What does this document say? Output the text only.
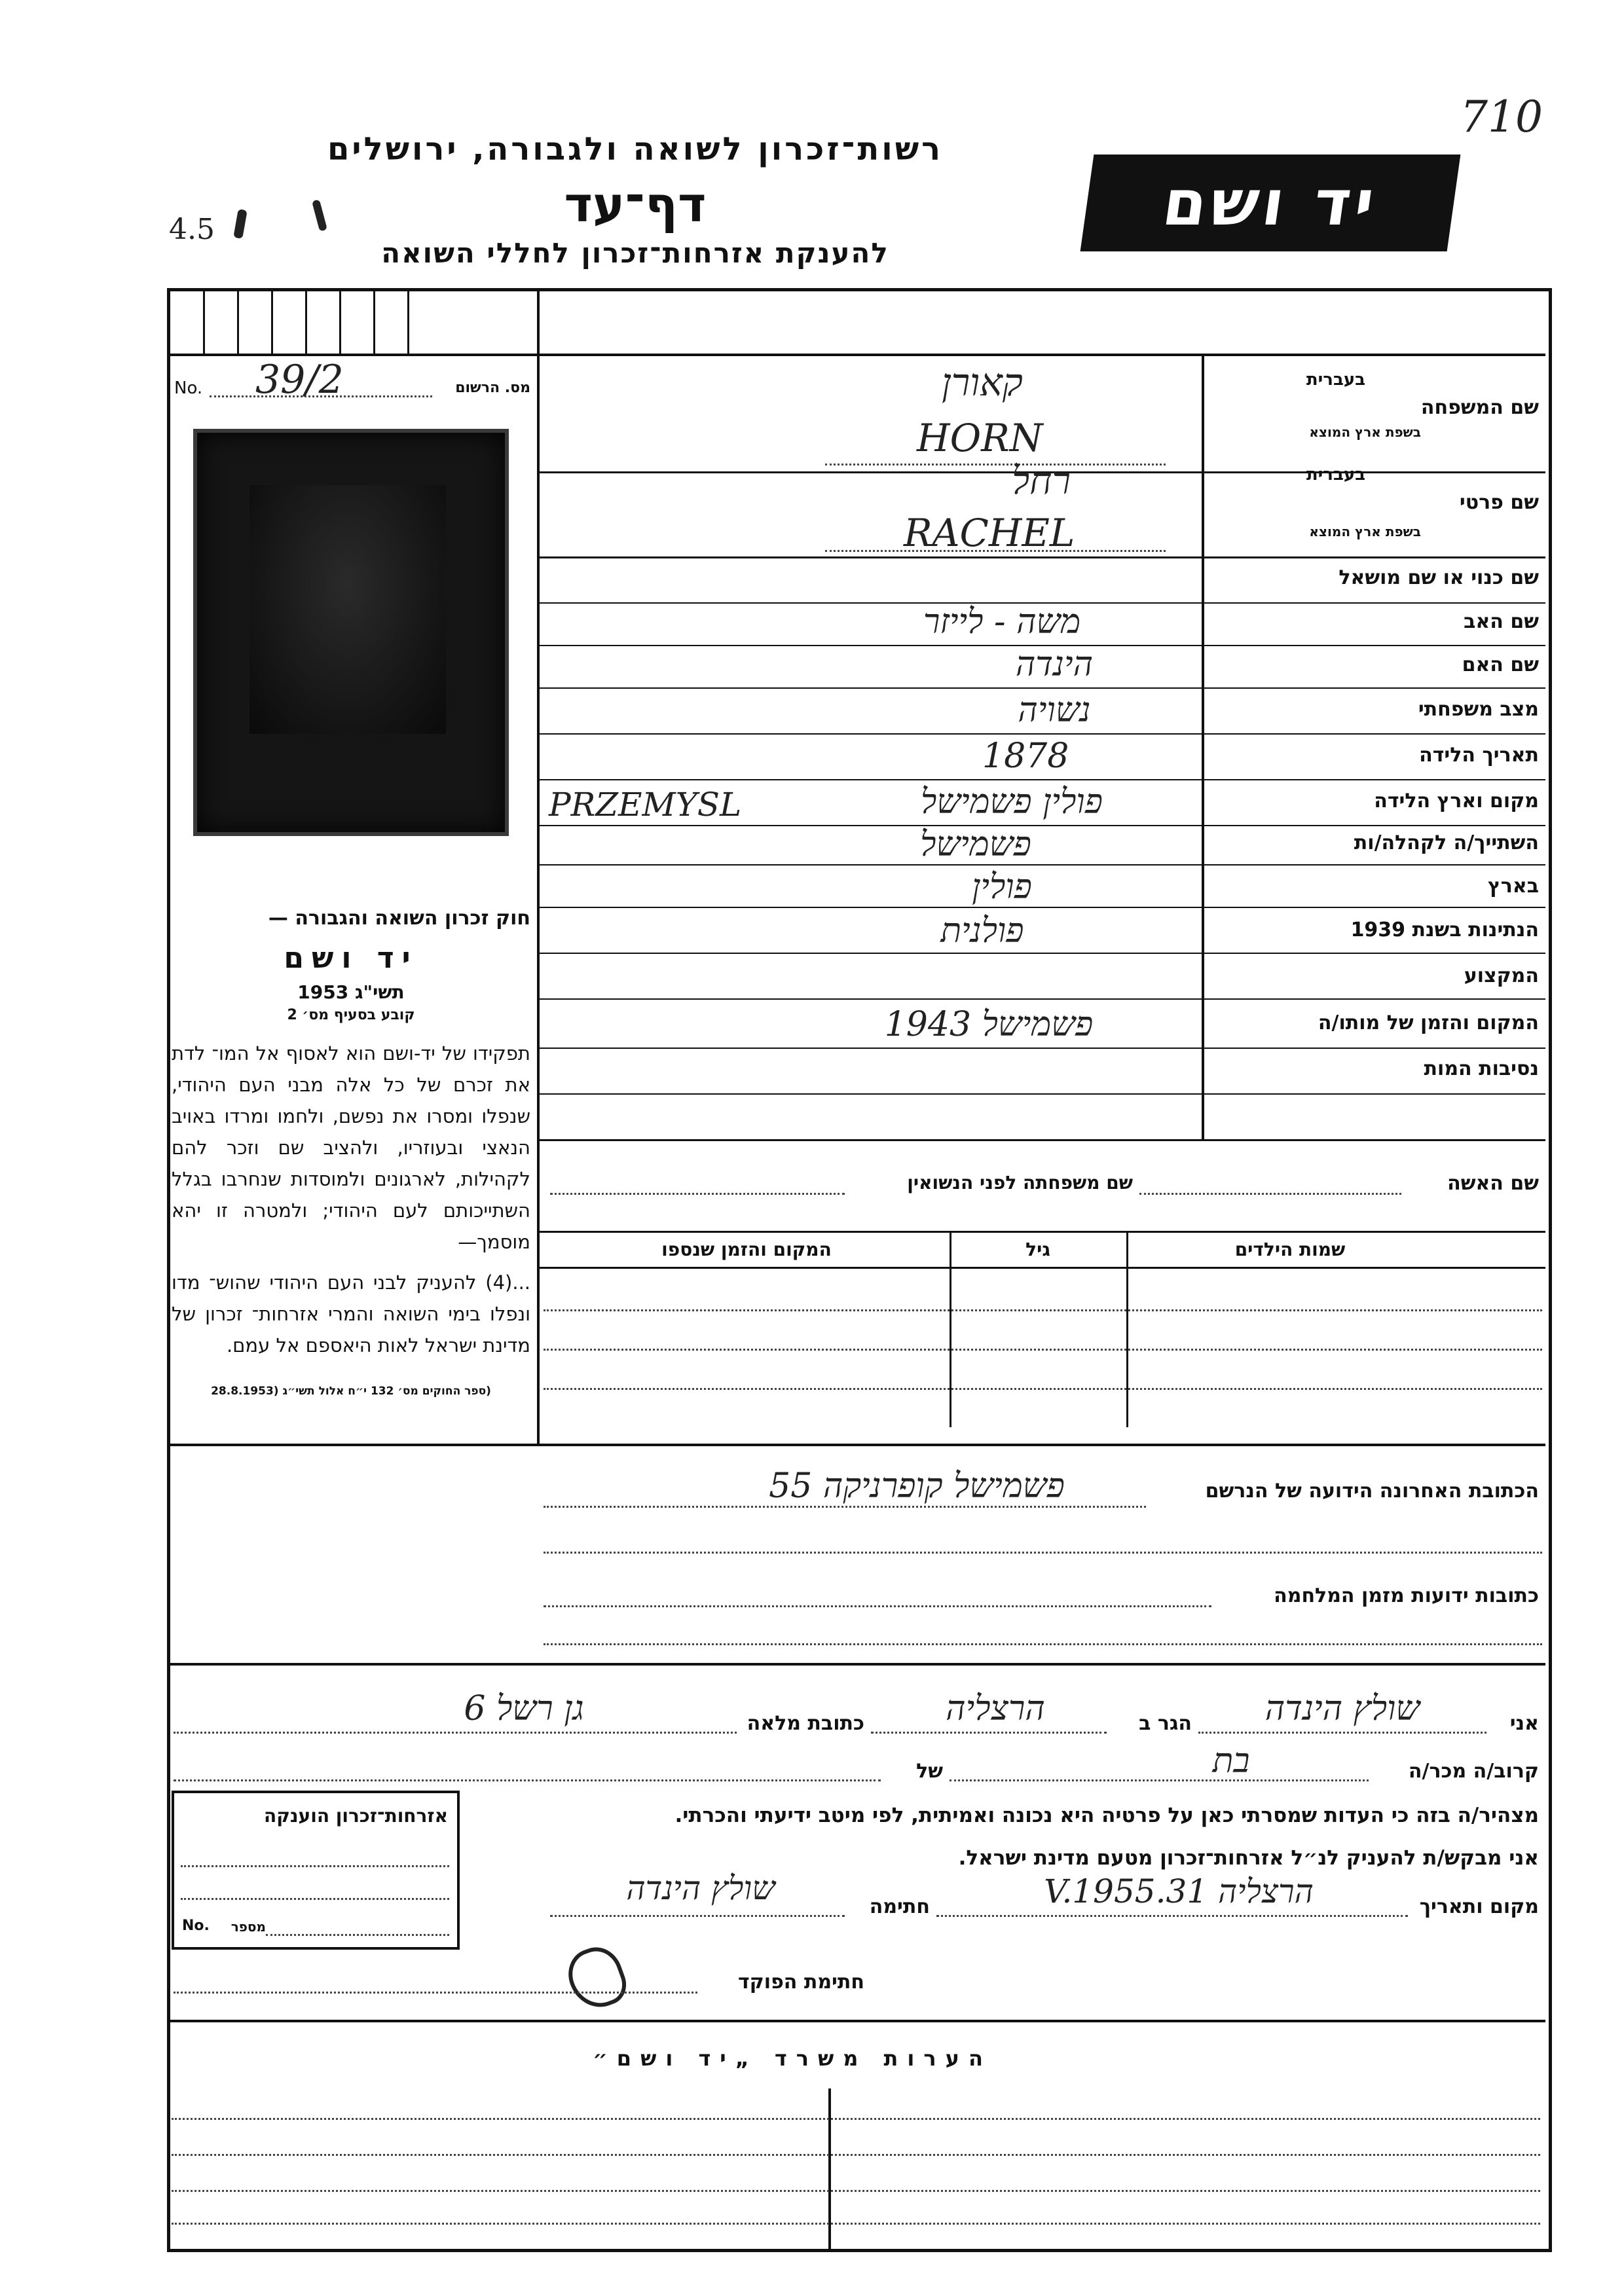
710
4.5
רשות־זכרון לשואה ולגבורה, ירושלים
דף־עד
להענקת אזרחות־זכרון לחללי השואה
יד ושם
No. 39/2	מס. הרשום
שם המשפחה
בעברית
בשפת ארץ המוצא
קאורן
HORN
שם פרטי
בעברית
בשפת ארץ המוצא
רחל
RACHEL
שם כנוי או שם מושאל
שם האב
משה - לייזר
שם האם
הינדה
מצב משפחתי
נשויה
תאריך הלידה
1878
מקום וארץ הלידה
פולין פשמישל
PRZEMYSL
השתייך/ה לקהלה/ות
פשמישל
בארץ
פולין
הנתינות בשנת 1939
פולנית
המקצוע
המקום והזמן של מותו/ה
פשמישל 1943
נסיבות המות

חוק זכרון השואה והגבורה —

יד ושם

תשי"ג 1953

קובע בסעיף מס׳ 2

תפקידו של יד-ושם הוא לאסוף אל המו־ לדת את זכרם של כל אלה מבני העם היהודי, שנפלו ומסרו את נפשם, ולחמו ומרדו באויב הנאצי ובעוזריו, ולהציב שם וזכר להם לקהילות, לארגונים ולמוסדות שנחרבו בגלל השתייכותם לעם היהודי; ולמטרה זו יהא מוסמך—

...(4) להעניק לבני העם היהודי שהוש־ מדו ונפלו בימי השואה והמרי אזרחות־ זכרון של מדינת ישראל לאות היאספם אל עמם.

(ספר החוקים מס׳ 132 י״ח אלול תשי״ג (28.8.1953

שם האשה
שם משפחתה לפני הנשואין
שמות הילדים
גיל
המקום והזמן שנספו
הכתובת האחרונה הידועה של הנרשם
פשמישל קופרניקה 55
כתובות ידועות מזמן המלחמה
אני
שולץ הינדה
הגר ב
הרצליה
כתובת מלאה
גן רשל 6
קרוב/ה מכר/ה
בת
של
מצהיר/ה בזה כי העדות שמסרתי כאן על פרטיה היא נכונה ואמיתית, לפי מיטב ידיעתי והכרתי.
אני מבקש/ת להעניק לנ״ל אזרחות־זכרון מטעם מדינת ישראל.
אזרחות־זכרון הוענקה
No.	מספר
מקום ותאריך
הרצליה 31.V.1955
חתימה
שולץ הינדה
חתימת הפוקד
הערות משרד „יד ושם״
